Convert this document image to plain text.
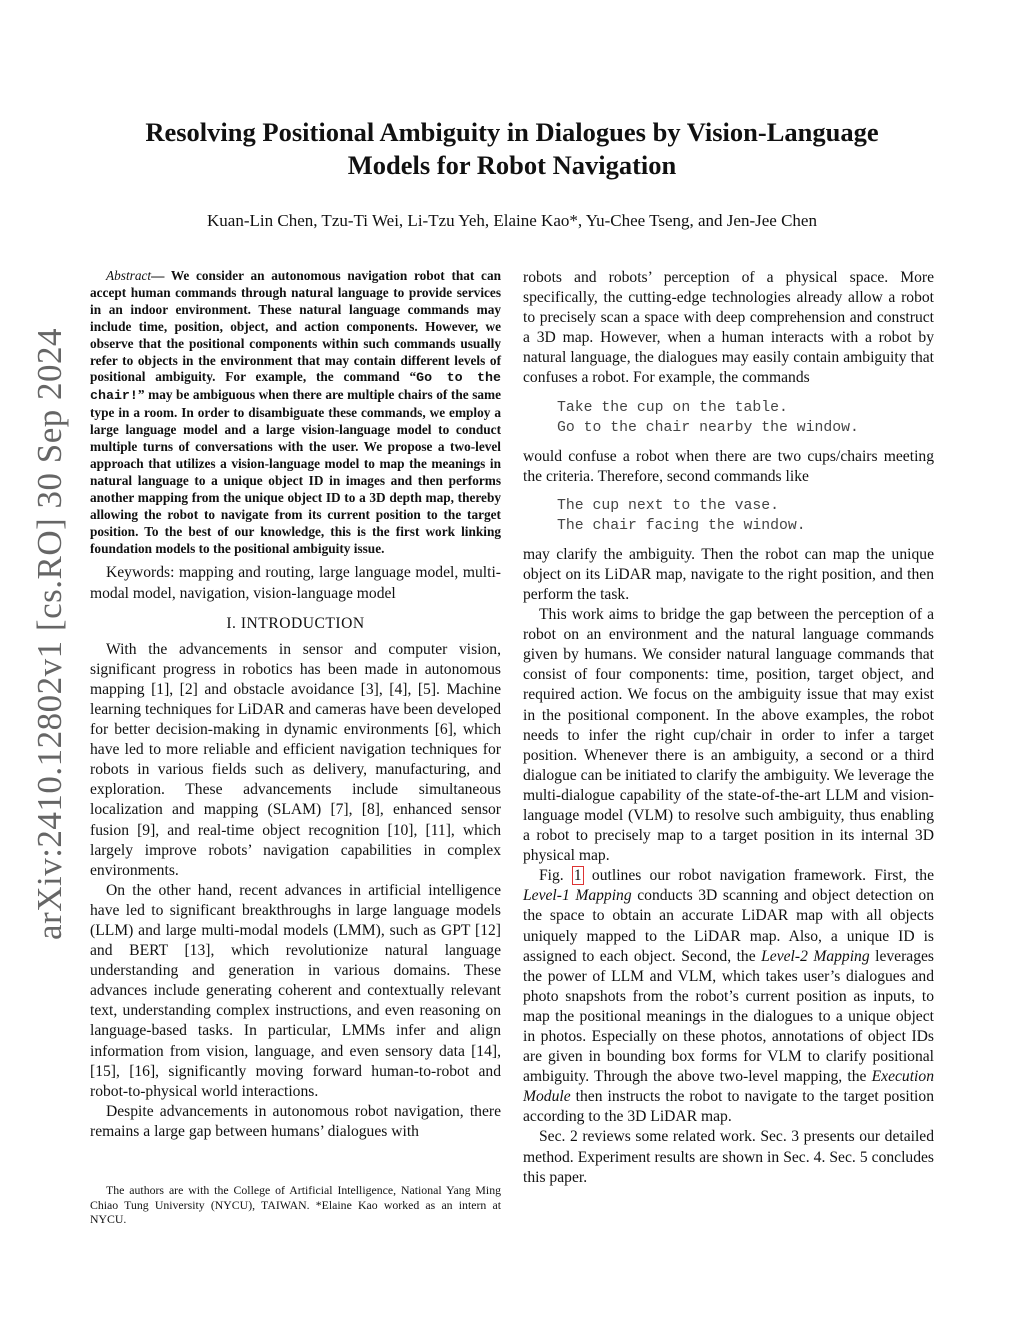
arXiv:2410.12802v1 [cs.RO] 30 Sep 2024
Resolving Positional Ambiguity in Dialogues by Vision-Language
Models for Robot Navigation
Kuan-Lin Chen, Tzu-Ti Wei, Li-Tzu Yeh, Elaine Kao*, Yu-Chee Tseng, and Jen-Jee Chen

Abstract— We consider an autonomous navigation robot that can accept human commands through natural language to provide services in an indoor environment. These natural language commands may include time, position, object, and action components. However, we observe that the positional components within such commands usually refer to objects in the environment that may contain different levels of positional ambiguity. For example, the command “Go to the chair!” may be ambiguous when there are multiple chairs of the same type in a room. In order to disambiguate these commands, we employ a large language model and a large vision-language model to conduct multiple turns of conversations with the user. We propose a two-level approach that utilizes a vision-language model to map the meanings in natural language to a unique object ID in images and then performs another mapping from the unique object ID to a 3D depth map, thereby allowing the robot to navigate from its current position to the target position. To the best of our knowledge, this is the first work linking foundation models to the positional ambiguity issue.

Keywords: mapping and routing, large language model, multi-modal model, navigation, vision-language model

I. INTRODUCTION

With the advancements in sensor and computer vision, significant progress in robotics has been made in autonomous mapping [1], [2] and obstacle avoidance [3], [4], [5]. Machine learning techniques for LiDAR and cameras have been developed for better decision-making in dynamic environments [6], which have led to more reliable and efficient navigation techniques for robots in various fields such as delivery, manufacturing, and exploration. These advancements include simultaneous localization and mapping (SLAM) [7], [8], enhanced sensor fusion [9], and real-time object recognition [10], [11], which largely improve robots’ navigation capabilities in complex environments.

On the other hand, recent advances in artificial intelligence have led to significant breakthroughs in large language models (LLM) and large multi-modal models (LMM), such as GPT [12] and BERT [13], which revolutionize natural language understanding and generation in various domains. These advances include generating coherent and contextually relevant text, understanding complex instructions, and even reasoning on language-based tasks. In particular, LMMs infer and align information from vision, language, and even sensory data [14], [15], [16], significantly moving forward human-to-robot and robot-to-physical world interactions.

Despite advancements in autonomous robot navigation, there remains a large gap between humans’ dialogues with

The authors are with the College of Artificial Intelligence, National Yang Ming Chiao Tung University (NYCU), TAIWAN. *Elaine Kao worked as an intern at NYCU.

robots and robots’ perception of a physical space. More specifically, the cutting-edge technologies already allow a robot to precisely scan a space with deep comprehension and construct a 3D map. However, when a human interacts with a robot by natural language, the dialogues may easily contain ambiguity that confuses a robot. For example, the commands

Take the cup on the table.
Go to the chair nearby the window.

would confuse a robot when there are two cups/chairs meeting the criteria. Therefore, second commands like

The cup next to the vase.
The chair facing the window.

may clarify the ambiguity. Then the robot can map the unique object on its LiDAR map, navigate to the right position, and then perform the task.

This work aims to bridge the gap between the perception of a robot on an environment and the natural language commands given by humans. We consider natural language commands that consist of four components: time, position, target object, and required action. We focus on the ambiguity issue that may exist in the positional component. In the above examples, the robot needs to infer the right cup/chair in order to infer a target position. Whenever there is an ambiguity, a second or a third dialogue can be initiated to clarify the ambiguity. We leverage the multi-dialogue capability of the state-of-the-art LLM and vision-language model (VLM) to resolve such ambiguity, thus enabling a robot to precisely map to a target position in its internal 3D physical map.

Fig. 1 outlines our robot navigation framework. First, the Level-1 Mapping conducts 3D scanning and object detection on the space to obtain an accurate LiDAR map with all objects uniquely mapped to the LiDAR map. Also, a unique ID is assigned to each object. Second, the Level-2 Mapping leverages the power of LLM and VLM, which takes user’s dialogues and photo snapshots from the robot’s current position as inputs, to map the positional meanings in the dialogues to a unique object in photos. Especially on these photos, annotations of object IDs are given in bounding box forms for VLM to clarify positional ambiguity. Through the above two-level mapping, the Execution Module then instructs the robot to navigate to the target position according to the 3D LiDAR map.

Sec. 2 reviews some related work. Sec. 3 presents our detailed method. Experiment results are shown in Sec. 4. Sec. 5 concludes this paper.
